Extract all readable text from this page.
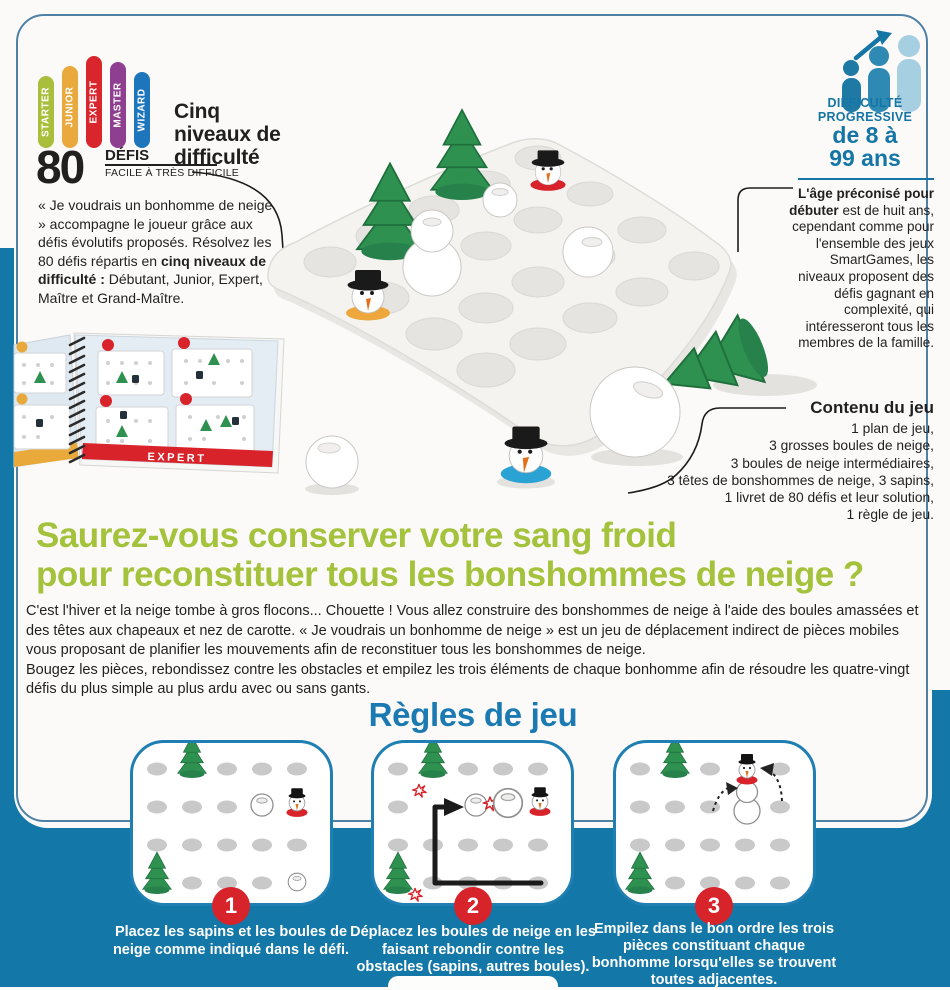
STARTER JUNIOR EXPERT MASTER WIZARD Cinq
niveaux de
difficulté
80 DÉFIS
FACILE À TRÈS DIFFICILE
« Je voudrais un bonhomme de neige » accompagne le joueur grâce aux défis évolutifs proposés. Résolvez les 80 défis répartis en cinq niveaux de difficulté : Débutant, Junior, Expert, Maître et Grand-Maître.
DIFFICULTÉ PROGRESSIVE
de 8 à
99 ans
L'âge préconisé pour débuter est de huit ans, cependant comme pour l'ensemble des jeux SmartGames, les niveaux proposent des défis gagnant en complexité, qui intéresseront tous les membres de la famille.
Contenu du jeu
1 plan de jeu,
3 grosses boules de neige,
3 boules de neige intermédiaires,
3 têtes de bonshommes de neige, 3 sapins,
1 livret de 80 défis et leur solution,
1 règle de jeu.
EXPERT
Saurez-vous conserver votre sang froid
pour reconstituer tous les bonshommes de neige ?
C'est l'hiver et la neige tombe à gros flocons... Chouette ! Vous allez construire des bonshommes de neige à l'aide des boules amassées et des têtes aux chapeaux et nez de carotte. « Je voudrais un bonhomme de neige » est un jeu de déplacement indirect de pièces mobiles vous proposant de planifier les mouvements afin de reconstituer tous les bonshommes de neige.
Bougez les pièces, rebondissez contre les obstacles et empilez les trois éléments de chaque bonhomme afin de résoudre les quatre-vingt défis du plus simple au plus ardu avec ou sans gants.
Règles de jeu
1	2	3
Placez les sapins et les boules de neige comme indiqué dans le défi.
Déplacez les boules de neige en les faisant rebondir contre les obstacles (sapins, autres boules).
Empilez dans le bon ordre les trois pièces constituant chaque bonhomme lorsqu'elles se trouvent toutes adjacentes.
